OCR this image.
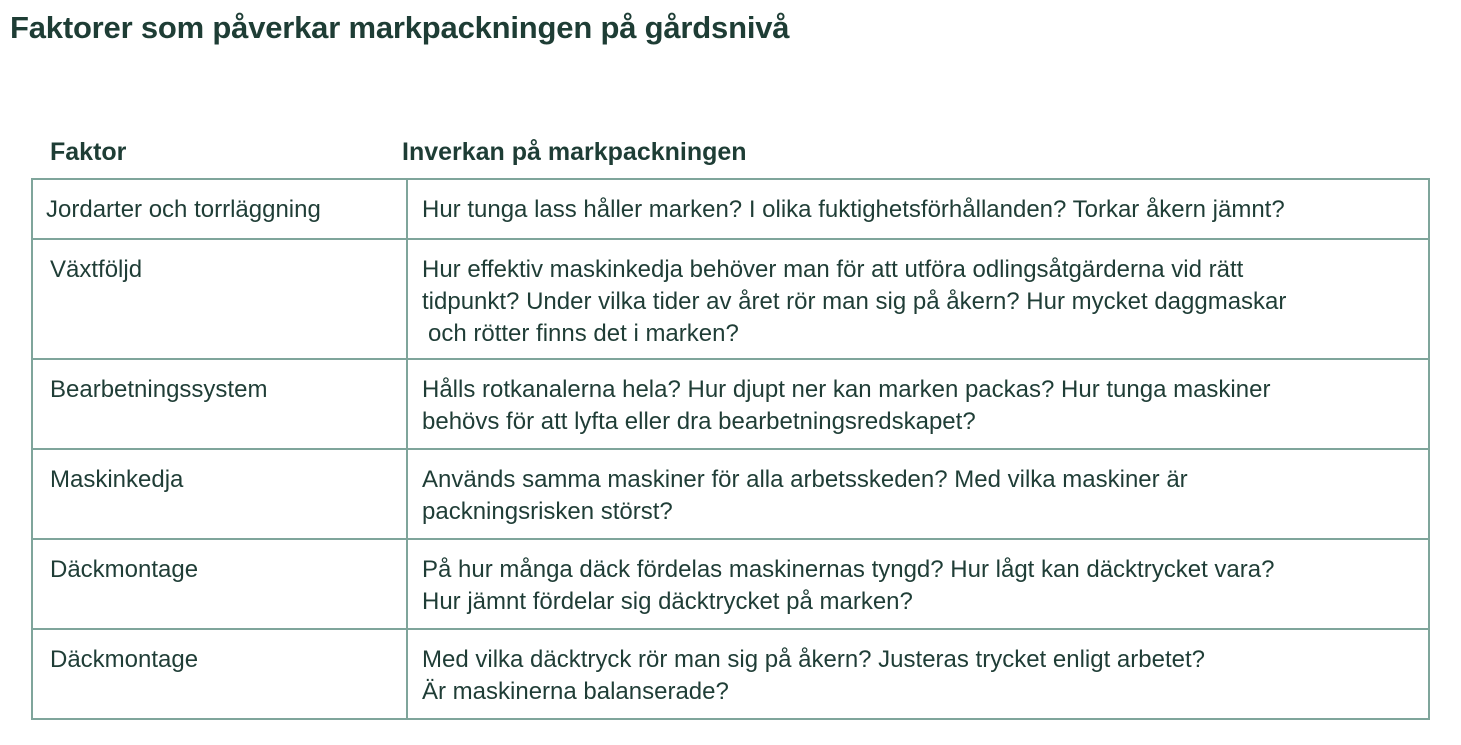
Faktorer som påverkar markpackningen på gårdsnivå
Faktor	Inverkan på markpackningen
Jordarter och torrläggning	Hur tunga lass håller marken? I olika fuktighetsförhållanden? Torkar åkern jämnt?

Växtföljd	Hur effektiv maskinkedja behöver man för att utföra odlingsåtgärderna vid rätt
tidpunkt? Under vilka tider av året rör man sig på åkern? Hur mycket daggmaskar
och rötter finns det i marken?

Bearbetningssystem	Hålls rotkanalerna hela? Hur djupt ner kan marken packas? Hur tunga maskiner
behövs för att lyfta eller dra bearbetningsredskapet?

Maskinkedja	Används samma maskiner för alla arbetsskeden? Med vilka maskiner är
packningsrisken störst?

Däckmontage	På hur många däck fördelas maskinernas tyngd? Hur lågt kan däcktrycket vara?
Hur jämnt fördelar sig däcktrycket på marken?

Däckmontage	Med vilka däcktryck rör man sig på åkern? Justeras trycket enligt arbetet?
Är maskinerna balanserade?
